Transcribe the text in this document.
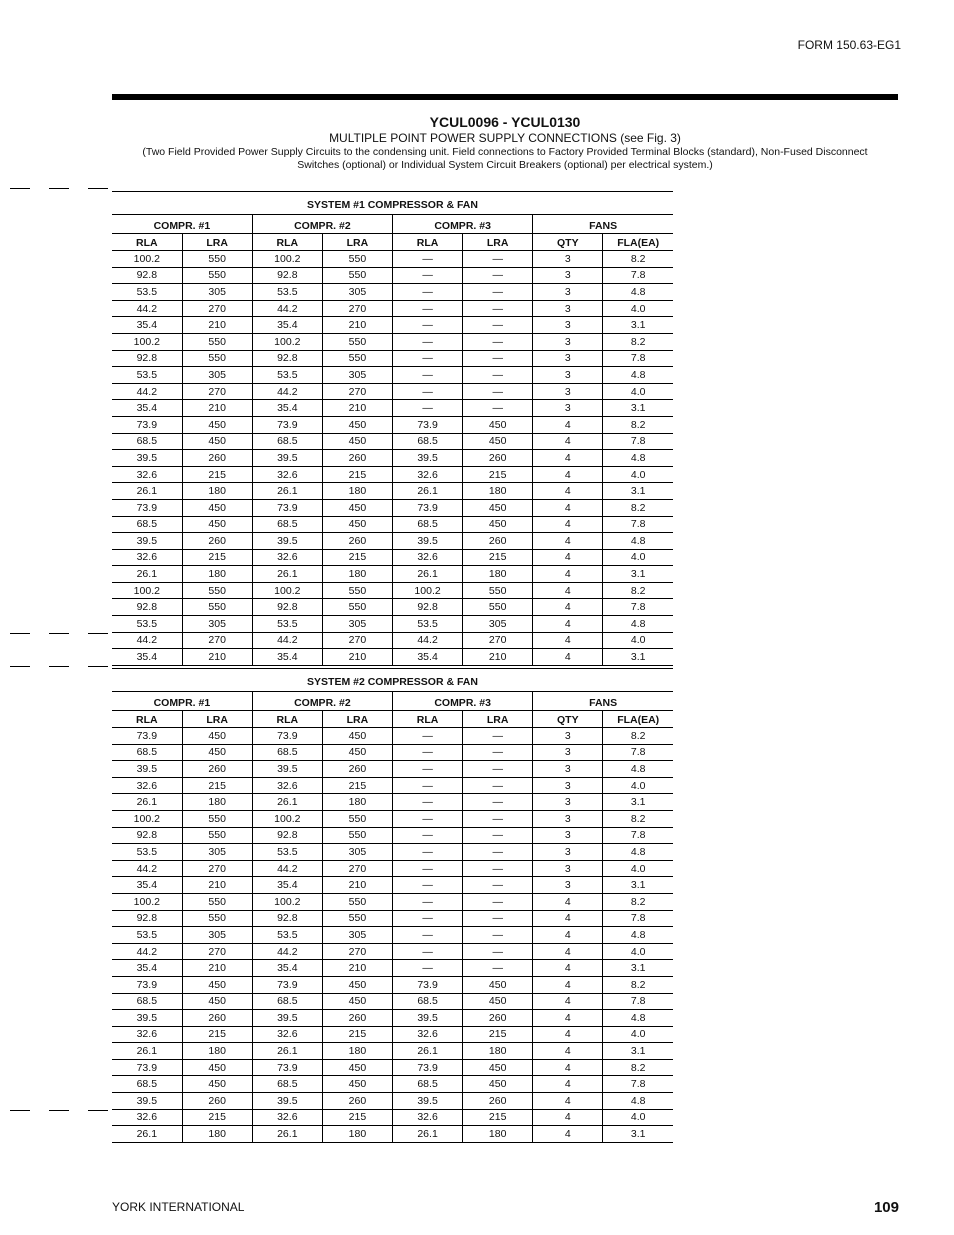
FORM 150.63-EG1
YCUL0096 - YCUL0130
MULTIPLE POINT POWER SUPPLY CONNECTIONS (see Fig. 3)
(Two Field Provided Power Supply Circuits to the condensing unit. Field connections to Factory Provided Terminal Blocks (standard), Non-Fused Disconnect
Switches (optional) or Individual System Circuit Breakers (optional) per electrical system.)
SYSTEM #1 COMPRESSOR & FAN							
COMPR. #1		COMPR. #2		COMPR. #3		FANS	
RLA	LRA	RLA	LRA	RLA	LRA	QTY	FLA(EA)
100.2	550	100.2	550	—	—	3	8.2
92.8	550	92.8	550	—	—	3	7.8
53.5	305	53.5	305	—	—	3	4.8
44.2	270	44.2	270	—	—	3	4.0
35.4	210	35.4	210	—	—	3	3.1
100.2	550	100.2	550	—	—	3	8.2
92.8	550	92.8	550	—	—	3	7.8
53.5	305	53.5	305	—	—	3	4.8
44.2	270	44.2	270	—	—	3	4.0
35.4	210	35.4	210	—	—	3	3.1
73.9	450	73.9	450	73.9	450	4	8.2
68.5	450	68.5	450	68.5	450	4	7.8
39.5	260	39.5	260	39.5	260	4	4.8
32.6	215	32.6	215	32.6	215	4	4.0
26.1	180	26.1	180	26.1	180	4	3.1
73.9	450	73.9	450	73.9	450	4	8.2
68.5	450	68.5	450	68.5	450	4	7.8
39.5	260	39.5	260	39.5	260	4	4.8
32.6	215	32.6	215	32.6	215	4	4.0
26.1	180	26.1	180	26.1	180	4	3.1
100.2	550	100.2	550	100.2	550	4	8.2
92.8	550	92.8	550	92.8	550	4	7.8
53.5	305	53.5	305	53.5	305	4	4.8
44.2	270	44.2	270	44.2	270	4	4.0
35.4	210	35.4	210	35.4	210	4	3.1
SYSTEM #2 COMPRESSOR & FAN							
COMPR. #1		COMPR. #2		COMPR. #3		FANS	
RLA	LRA	RLA	LRA	RLA	LRA	QTY	FLA(EA)
73.9	450	73.9	450	—	—	3	8.2
68.5	450	68.5	450	—	—	3	7.8
39.5	260	39.5	260	—	—	3	4.8
32.6	215	32.6	215	—	—	3	4.0
26.1	180	26.1	180	—	—	3	3.1
100.2	550	100.2	550	—	—	3	8.2
92.8	550	92.8	550	—	—	3	7.8
53.5	305	53.5	305	—	—	3	4.8
44.2	270	44.2	270	—	—	3	4.0
35.4	210	35.4	210	—	—	3	3.1
100.2	550	100.2	550	—	—	4	8.2
92.8	550	92.8	550	—	—	4	7.8
53.5	305	53.5	305	—	—	4	4.8
44.2	270	44.2	270	—	—	4	4.0
35.4	210	35.4	210	—	—	4	3.1
73.9	450	73.9	450	73.9	450	4	8.2
68.5	450	68.5	450	68.5	450	4	7.8
39.5	260	39.5	260	39.5	260	4	4.8
32.6	215	32.6	215	32.6	215	4	4.0
26.1	180	26.1	180	26.1	180	4	3.1
73.9	450	73.9	450	73.9	450	4	8.2
68.5	450	68.5	450	68.5	450	4	7.8
39.5	260	39.5	260	39.5	260	4	4.8
32.6	215	32.6	215	32.6	215	4	4.0
26.1	180	26.1	180	26.1	180	4	3.1
YORK INTERNATIONAL	109
